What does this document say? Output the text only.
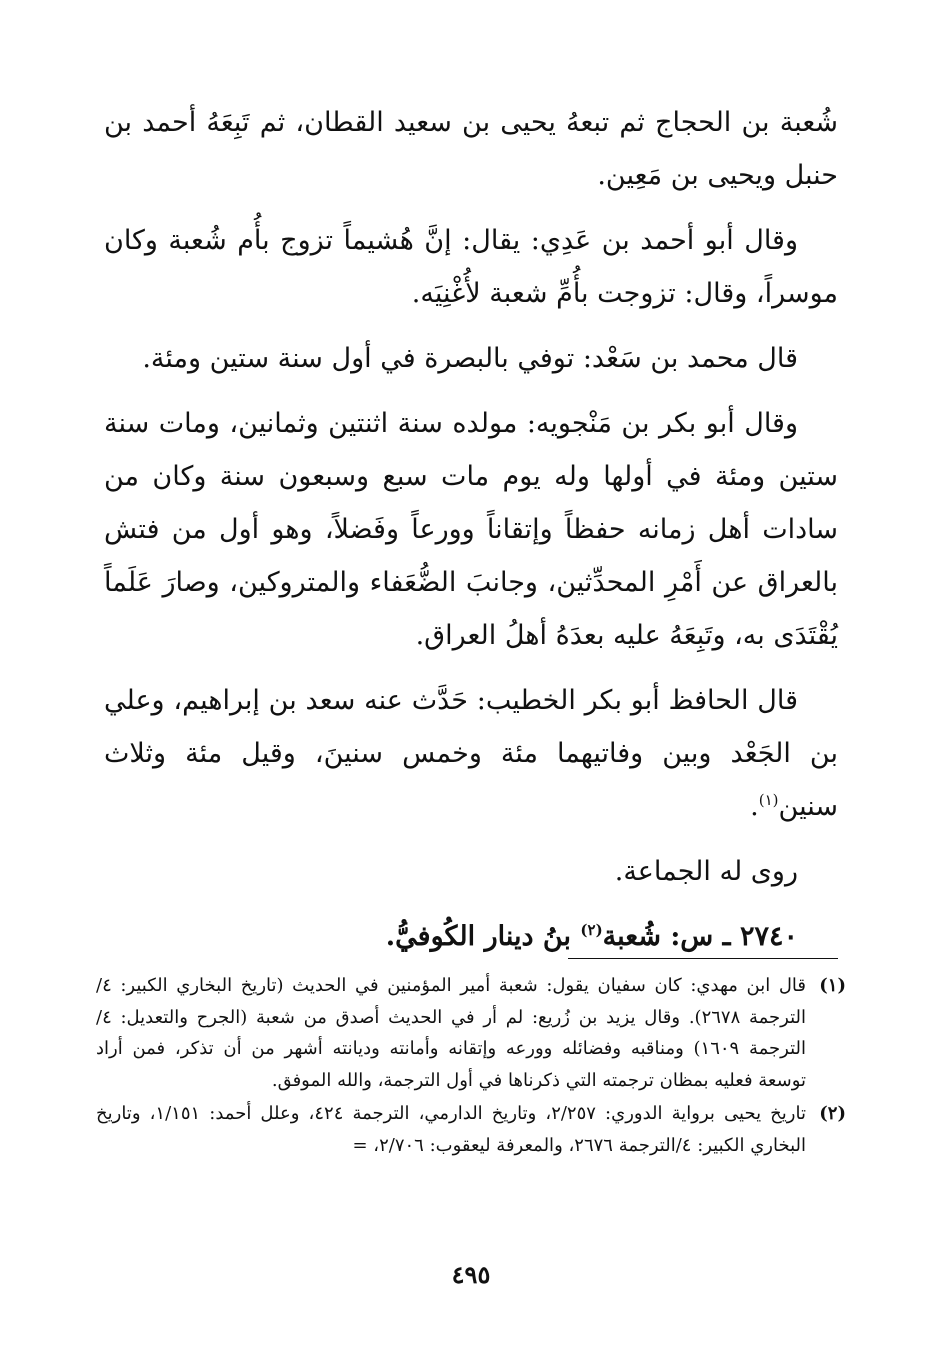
شُعبة بن الحجاج ثم تبعهُ يحيى بن سعيد القطان، ثم تَبِعَهُ أحمد بن حنبل ويحيى بن مَعِين.

وقال أبو أحمد بن عَدِي: يقال: إنَّ هُشيماً تزوج بأُم شُعبة وكان موسراً، وقال: تزوجت بأُمِّ شعبة لأُغْنِيَه.

قال محمد بن سَعْد: توفي بالبصرة في أول سنة ستين ومئة.

وقال أبو بكر بن مَنْجويه: مولده سنة اثنتين وثمانين، ومات سنة ستين ومئة في أولها وله يوم مات سبع وسبعون سنة وكان من سادات أهل زمانه حفظاً وإتقاناً وورعاً وفَضلاً، وهو أول من فتش بالعراق عن أَمْرِ المحدِّثين، وجانبَ الضُّعَفاء والمتروكين، وصارَ عَلَماً يُقْتَدَى به، وتَبِعَهُ عليه بعدَهُ أهلُ العراق.

قال الحافظ أبو بكر الخطيب: حَدَّث عنه سعد بن إبراهيم، وعلي بن الجَعْد وبين وفاتيهما مئة وخمس سنينَ، وقيل مئة وثلاث سنين$^{(١)}$.

روى له الجماعة.

٢٧٤٠ ـ س: شُعبة$^{(٢)}$ بنُ دينار الكُوفيُّ.

(١)
قال ابن مهدي: كان سفيان يقول: شعبة أمير المؤمنين في الحديث (تاريخ البخاري الكبير: ٤/الترجمة ٢٦٧٨). وقال يزيد بن زُريع: لم أر في الحديث أصدق من شعبة (الجرح والتعديل: ٤/الترجمة ١٦٠٩) ومناقبه وفضائله وورعه وإتقانه وأمانته وديانته أشهر من أن تذكر، فمن أراد توسعة فعليه بمظان ترجمته التي ذكرناها في أول الترجمة، والله الموفق.
(٢)
تاريخ يحيى برواية الدوري: ٢/٢٥٧، وتاريخ الدارمي، الترجمة ٤٢٤، وعلل أحمد: ١/١٥١، وتاريخ البخاري الكبير: ٤/الترجمة ٢٦٧٦، والمعرفة ليعقوب: ٢/٧٠٦، =
٤٩٥
